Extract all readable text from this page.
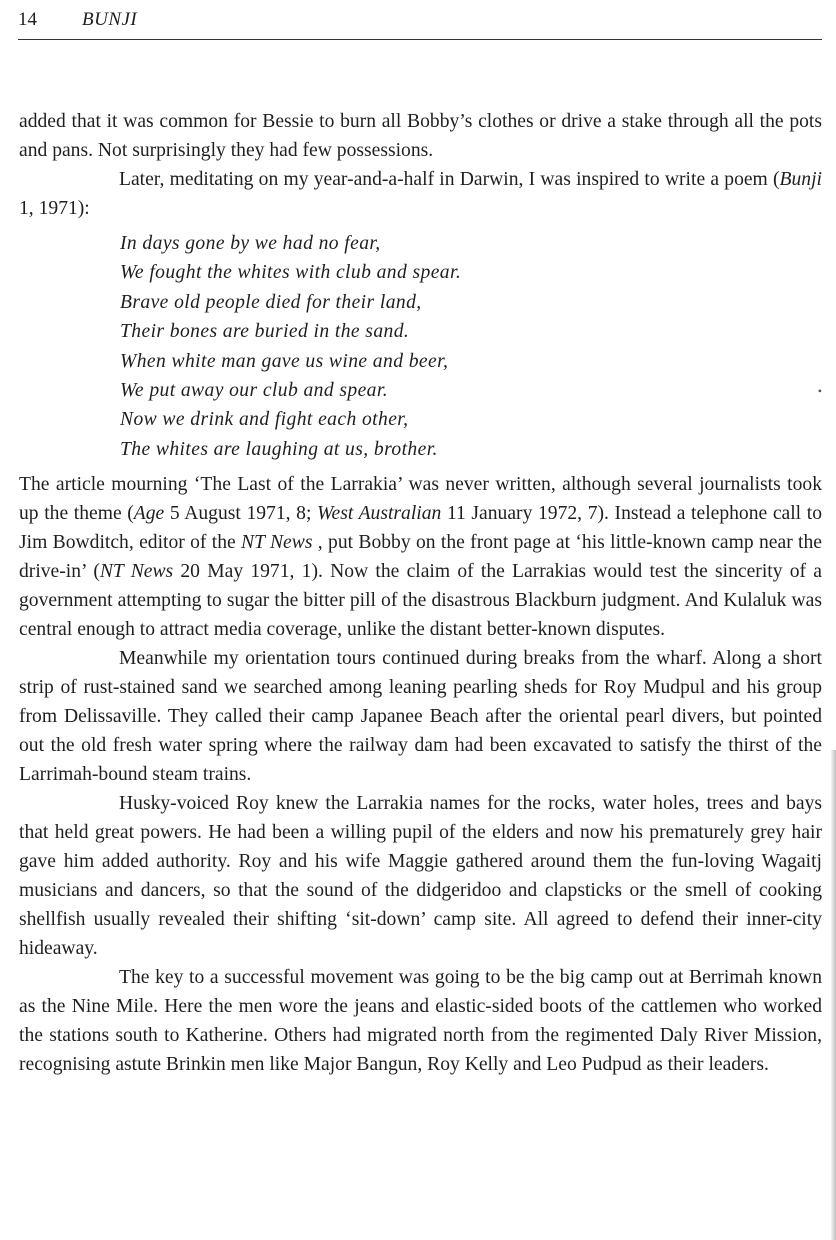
14 BUNJI

added that it was common for Bessie to burn all Bobby’s clothes or drive a stake through all the pots and pans. Not surprisingly they had few possessions.

Later, meditating on my year-and-a-half in Darwin, I was inspired to write a poem (Bunji 1, 1971):

In days gone by we had no fear,
We fought the whites with club and spear.
Brave old people died for their land,
Their bones are buried in the sand.
When white man gave us wine and beer,
We put away our club and spear.
Now we drink and fight each other,
The whites are laughing at us, brother.

The article mourning ‘The Last of the Larrakia’ was never written, although several journalists took up the theme (Age 5 August 1971, 8; West Australian 11 January 1972, 7). Instead a telephone call to Jim Bowditch, editor of the NT News , put Bobby on the front page at ‘his little-known camp near the drive-in’ (NT News 20 May 1971, 1). Now the claim of the Larrakias would test the sincerity of a government attempting to sugar the bitter pill of the disastrous Blackburn judgment. And Kulaluk was central enough to attract media coverage, unlike the distant better-known disputes.

Meanwhile my orientation tours continued during breaks from the wharf. Along a short strip of rust-stained sand we searched among leaning pearling sheds for Roy Mudpul and his group from Delissaville. They called their camp Japanee Beach after the oriental pearl divers, but pointed out the old fresh water spring where the railway dam had been excavated to satisfy the thirst of the Larrimah-bound steam trains.

Husky-voiced Roy knew the Larrakia names for the rocks, water holes, trees and bays that held great powers. He had been a willing pupil of the elders and now his prematurely grey hair gave him added authority. Roy and his wife Maggie gathered around them the fun-loving Wagaitj musicians and dancers, so that the sound of the didgeridoo and clapsticks or the smell of cooking shellfish usually revealed their shifting ‘sit-down’ camp site. All agreed to defend their inner-city hideaway.

The key to a successful movement was going to be the big camp out at Berrimah known as the Nine Mile. Here the men wore the jeans and elastic-sided boots of the cattlemen who worked the stations south to Katherine. Others had migrated north from the regimented Daly River Mission, recognising astute Brinkin men like Major Bangun, Roy Kelly and Leo Pudpud as their leaders.

•
